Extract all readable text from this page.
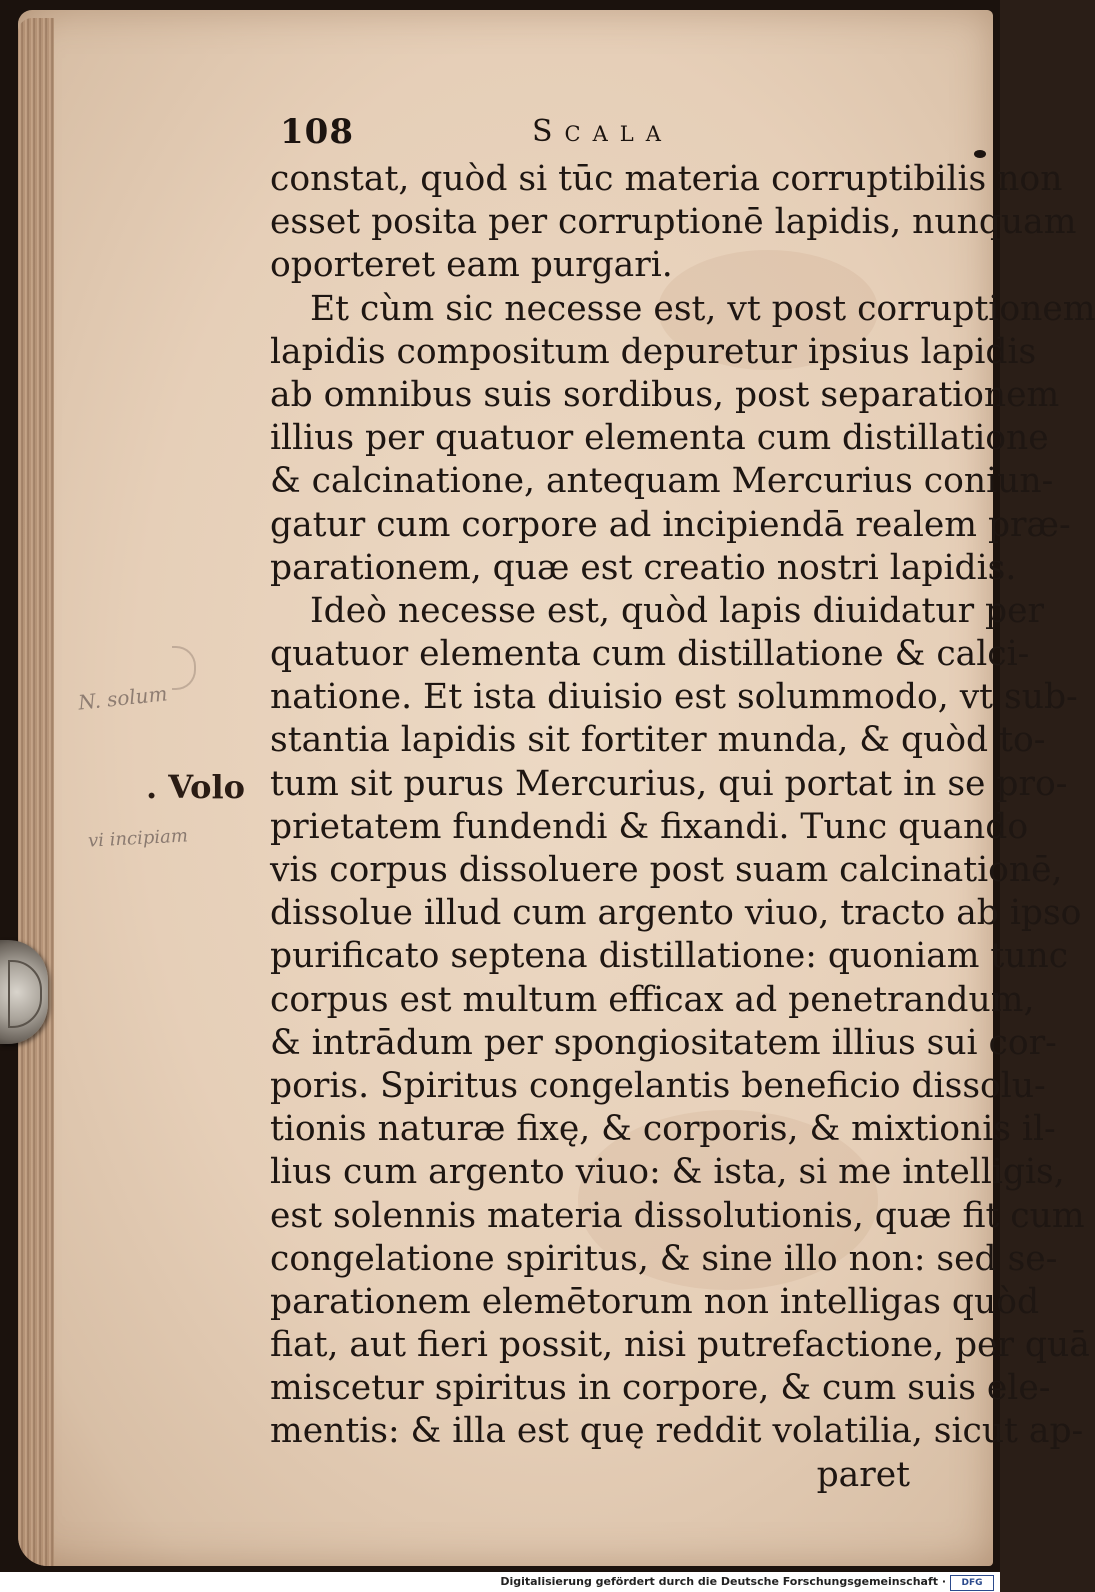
108	Scala
constat, quòd si tūc materia corruptibilis non
esset posita per corruptionē lapidis, nunquam
oporteret eam purgari.
Et cùm sic necesse est, vt post corruptionem
lapidis compositum depuretur ipsius lapidis
ab omnibus suis sordibus, post separationem
illius per quatuor elementa cum distillatione
& calcinatione, antequam Mercurius coniun-
gatur cum corpore ad incipiendā realem præ-
parationem, quæ est creatio nostri lapidis.
Ideò necesse est, quòd lapis diuidatur per
quatuor elementa cum distillatione & calci-
natione. Et ista diuisio est solummodo, vt sub-
stantia lapidis sit fortiter munda, & quòd to-
tum sit purus Mercurius, qui portat in se pro-
prietatem fundendi & fixandi. Tunc quando
vis corpus dissoluere post suam calcinationē,
dissolue illud cum argento viuo, tracto ab ipso
purificato septena distillatione: quoniam tunc
corpus est multum efficax ad penetrandum,
& intrādum per spongiositatem illius sui cor-
poris. Spiritus congelantis beneficio dissolu-
tionis naturæ fixę, & corporis, & mixtionis il-
lius cum argento viuo: & ista, si me intelligis,
est solennis materia dissolutionis, quæ fit cum
congelatione spiritus, & sine illo non: sed se-
parationem elemētorum non intelligas quòd
fiat, aut fieri possit, nisi putrefactione, per quā
miscetur spiritus in corpore, & cum suis ele-
mentis: & illa est quę reddit volatilia, sicut ap-
paret
N. solum
. Volo
vi incipiam
Digitalisierung gefördert durch die Deutsche Forschungsgemeinschaft ·	DFG
